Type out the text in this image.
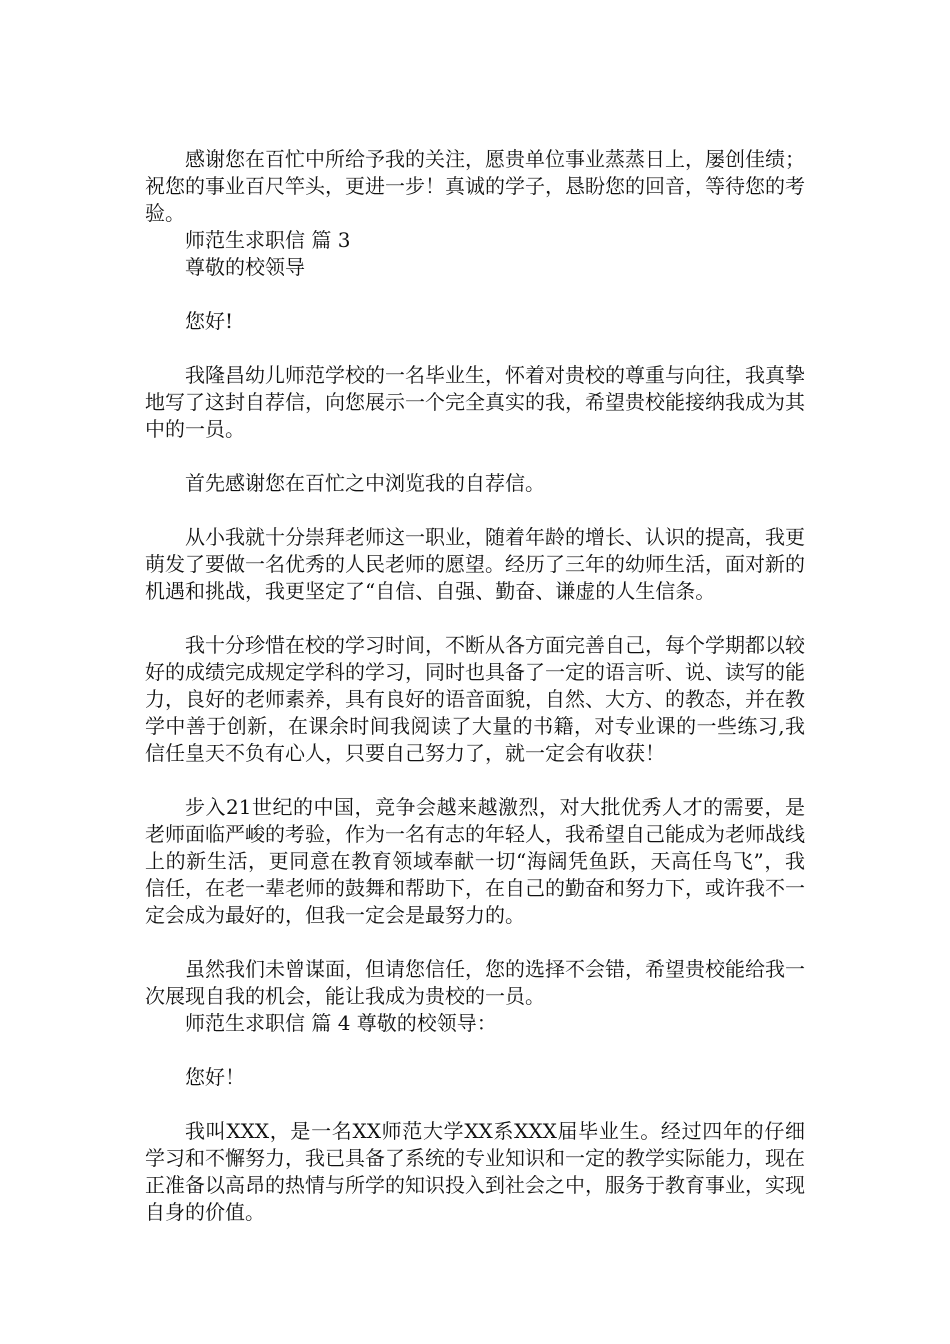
感谢您在百忙中所给予我的关注，愿贵单位事业蒸蒸日上，屡创佳绩；祝您的事业百尺竿头，更进一步！真诚的学子，恳盼您的回音，等待您的考验。

师范生求职信 篇 3

尊敬的校领导

您好!

我隆昌幼儿师范学校的一名毕业生，怀着对贵校的尊重与向往，我真挚地写了这封自荐信，向您展示一个完全真实的我，希望贵校能接纳我成为其中的一员。

首先感谢您在百忙之中浏览我的自荐信。

从小我就十分崇拜老师这一职业，随着年龄的增长、认识的提高，我更萌发了要做一名优秀的人民老师的愿望。经历了三年的幼师生活，面对新的机遇和挑战，我更坚定了“自信、自强、勤奋、谦虚的人生信条。

我十分珍惜在校的学习时间，不断从各方面完善自己，每个学期都以较好的成绩完成规定学科的学习，同时也具备了一定的语言听、说、读写的能力，良好的老师素养，具有良好的语音面貌，自然、大方、的教态，并在教学中善于创新，在课余时间我阅读了大量的书籍，对专业课的一些练习,我信任皇天不负有心人，只要自己努力了，就一定会有收获！

步入21世纪的中国，竞争会越来越激烈，对大批优秀人才的需要，是老师面临严峻的考验，作为一名有志的年轻人，我希望自己能成为老师战线上的新生活，更同意在教育领域奉献一切“海阔凭鱼跃，天高任鸟飞”，我信任，在老一辈老师的鼓舞和帮助下，在自己的勤奋和努力下，或许我不一定会成为最好的，但我一定会是最努力的。

虽然我们未曾谋面，但请您信任，您的选择不会错，希望贵校能给我一次展现自我的机会，能让我成为贵校的一员。

师范生求职信 篇 4 尊敬的校领导：

您好！

我叫XXX，是一名XX师范大学XX系XXX届毕业生。经过四年的仔细学习和不懈努力，我已具备了系统的专业知识和一定的教学实际能力，现在正准备以高昂的热情与所学的知识投入到社会之中，服务于教育事业，实现自身的价值。
